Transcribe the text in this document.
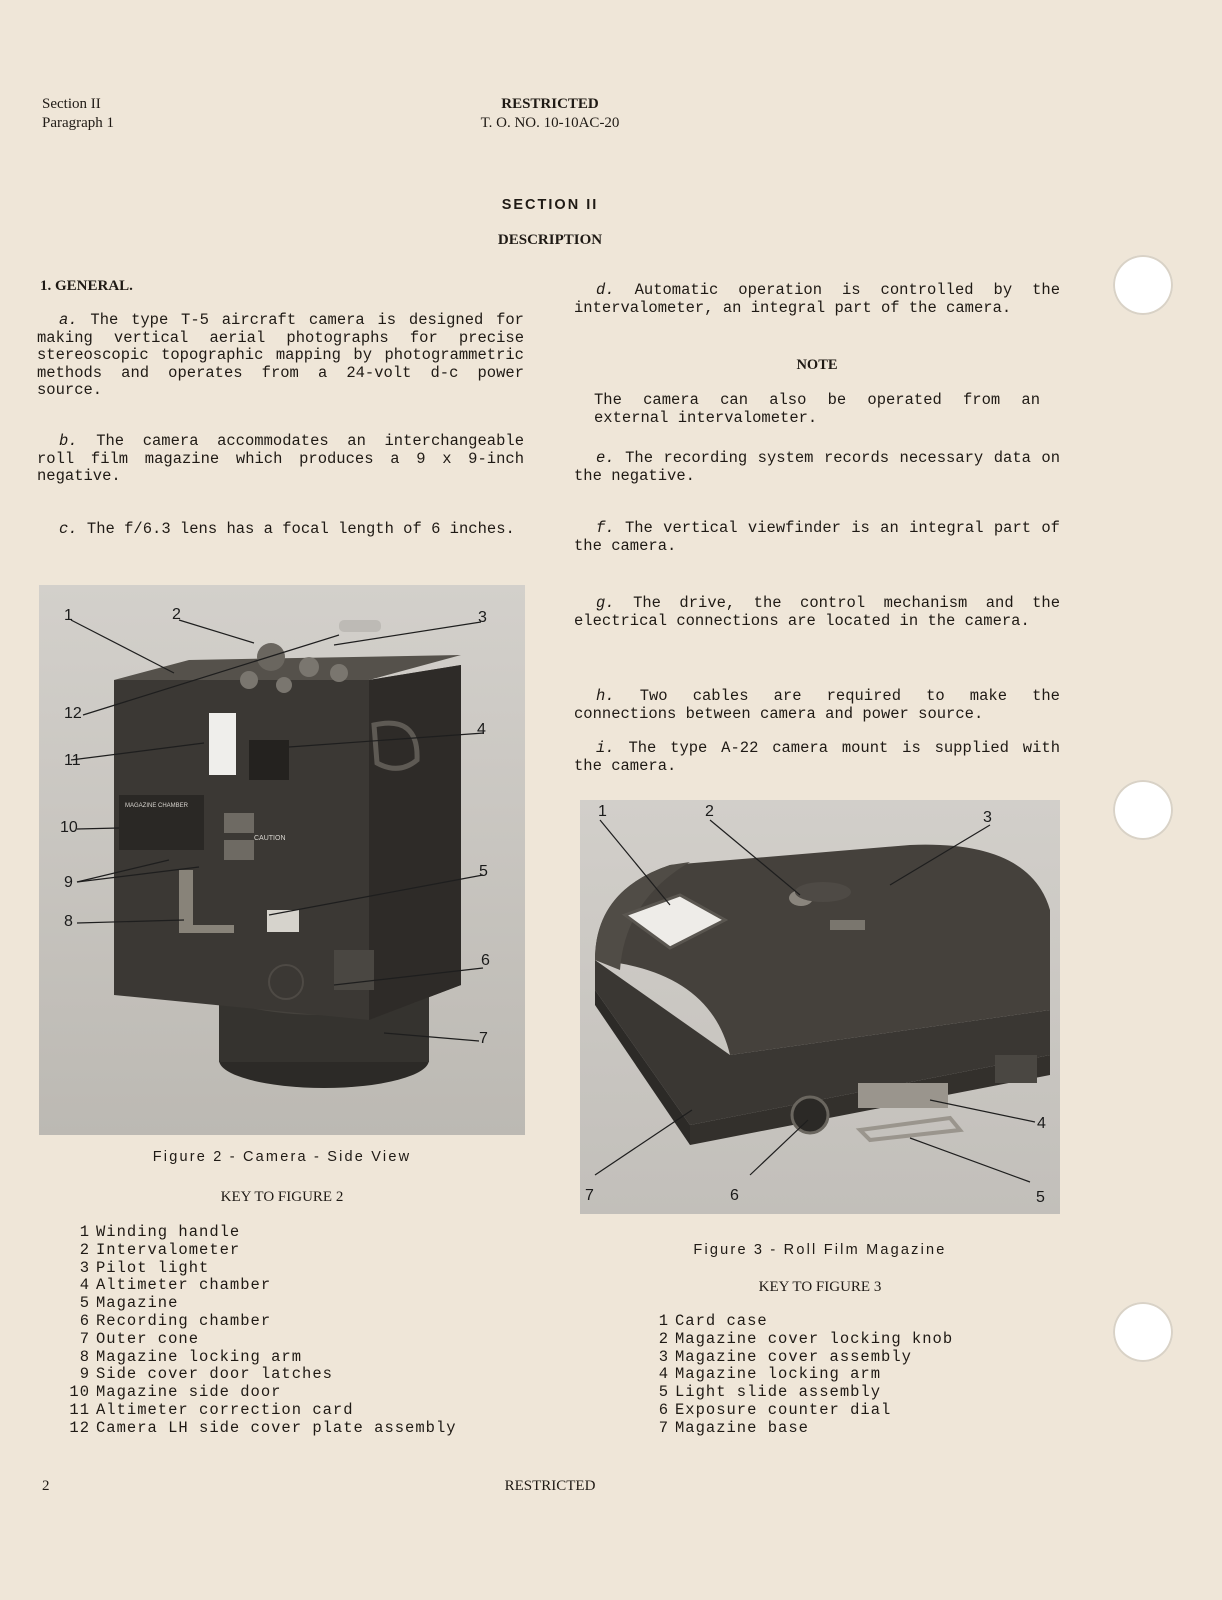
Section II
Paragraph 1
RESTRICTED
T. O. NO. 10-10AC-20
SECTION II
DESCRIPTION
1. GENERAL.
a. The type T-5 aircraft camera is designed for making vertical aerial photographs for precise stereoscopic topographic mapping by photogrammetric methods and operates from a 24-volt d-c power source.
b. The camera accommodates an interchangeable roll film magazine which produces a 9 x 9-inch negative.
c. The f/6.3 lens has a focal length of 6 inches.
MAGAZINE CHAMBER
CAUTION
1	2	3
4
5
6
7
8
9
10
11
12
Figure 2 - Camera - Side View
KEY TO FIGURE 2
1 Winding handle
2 Intervalometer
3 Pilot light
4 Altimeter chamber
5 Magazine
6 Recording chamber
7 Outer cone
8 Magazine locking arm
9 Side cover door latches
10 Magazine side door
11 Altimeter correction card
12 Camera LH side cover plate assembly
d. Automatic operation is controlled by the intervalometer, an integral part of the camera.
NOTE
The camera can also be operated from an external intervalometer.
e. The recording system records necessary data on the negative.
f. The vertical viewfinder is an integral part of the camera.
g. The drive, the control mechanism and the electrical connections are located in the camera.
h. Two cables are required to make the connections between camera and power source.
i. The type A-22 camera mount is supplied with the camera.
1	2	3
4
5
6
7
Figure 3 - Roll Film Magazine
KEY TO FIGURE 3
1 Card case
2 Magazine cover locking knob
3 Magazine cover assembly
4 Magazine locking arm
5 Light slide assembly
6 Exposure counter dial
7 Magazine base
2	RESTRICTED
